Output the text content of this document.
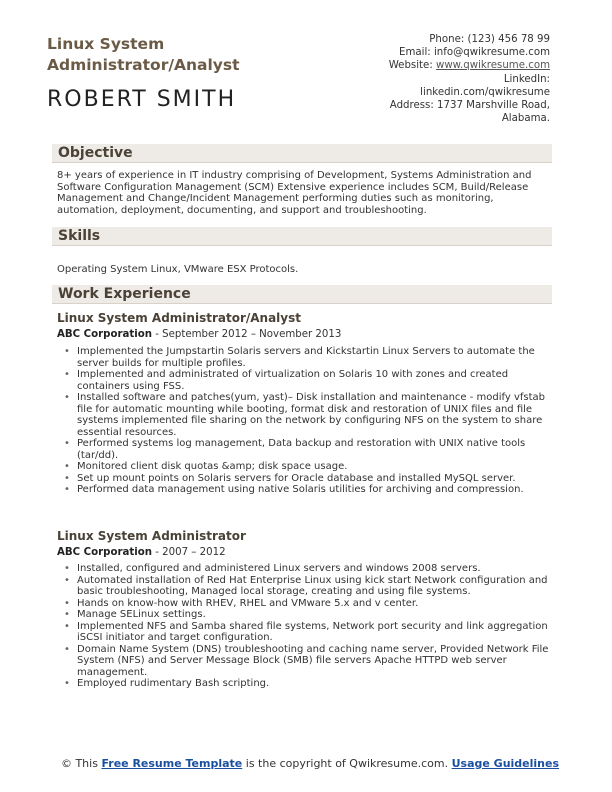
Linux System Administrator/Analyst
ROBERT SMITH
Phone: (123) 456 78 99
Email: info@qwikresume.com
Website: www.qwikresume.com
LinkedIn:
linkedin.com/qwikresume
Address: 1737 Marshville Road,
Alabama.
Objective
8+ years of experience in IT industry comprising of Development, Systems Administration and Software Configuration Management (SCM) Extensive experience includes SCM, Build/Release Management and Change/Incident Management performing duties such as monitoring, automation, deployment, documenting, and support and troubleshooting.
Skills
Operating System Linux, VMware ESX Protocols.
Work Experience
Linux System Administrator/Analyst
ABC Corporation - September 2012 – November 2013
• Implemented the Jumpstartin Solaris servers and Kickstartin Linux Servers to automate the server builds for multiple profiles.
• Implemented and administrated of virtualization on Solaris 10 with zones and created containers using FSS.
• Installed software and patches(yum, yast)– Disk installation and maintenance - modify vfstab file for automatic mounting while booting, format disk and restoration of UNIX files and file systems implemented file sharing on the network by configuring NFS on the system to share essential resources.
• Performed systems log management, Data backup and restoration with UNIX native tools (tar/dd).
• Monitored client disk quotas &amp; disk space usage.
• Set up mount points on Solaris servers for Oracle database and installed MySQL server.
• Performed data management using native Solaris utilities for archiving and compression.
Linux System Administrator
ABC Corporation - 2007 – 2012
• Installed, configured and administered Linux servers and windows 2008 servers.
• Automated installation of Red Hat Enterprise Linux using kick start Network configuration and basic troubleshooting, Managed local storage, creating and using file systems.
• Hands on know-how with RHEV, RHEL and VMware 5.x and v center.
• Manage SELinux settings.
• Implemented NFS and Samba shared file systems, Network port security and link aggregation iSCSI initiator and target configuration.
• Domain Name System (DNS) troubleshooting and caching name server, Provided Network File System (NFS) and Server Message Block (SMB) file servers Apache HTTPD web server management.
• Employed rudimentary Bash scripting.
© This Free Resume Template is the copyright of Qwikresume.com. Usage Guidelines
